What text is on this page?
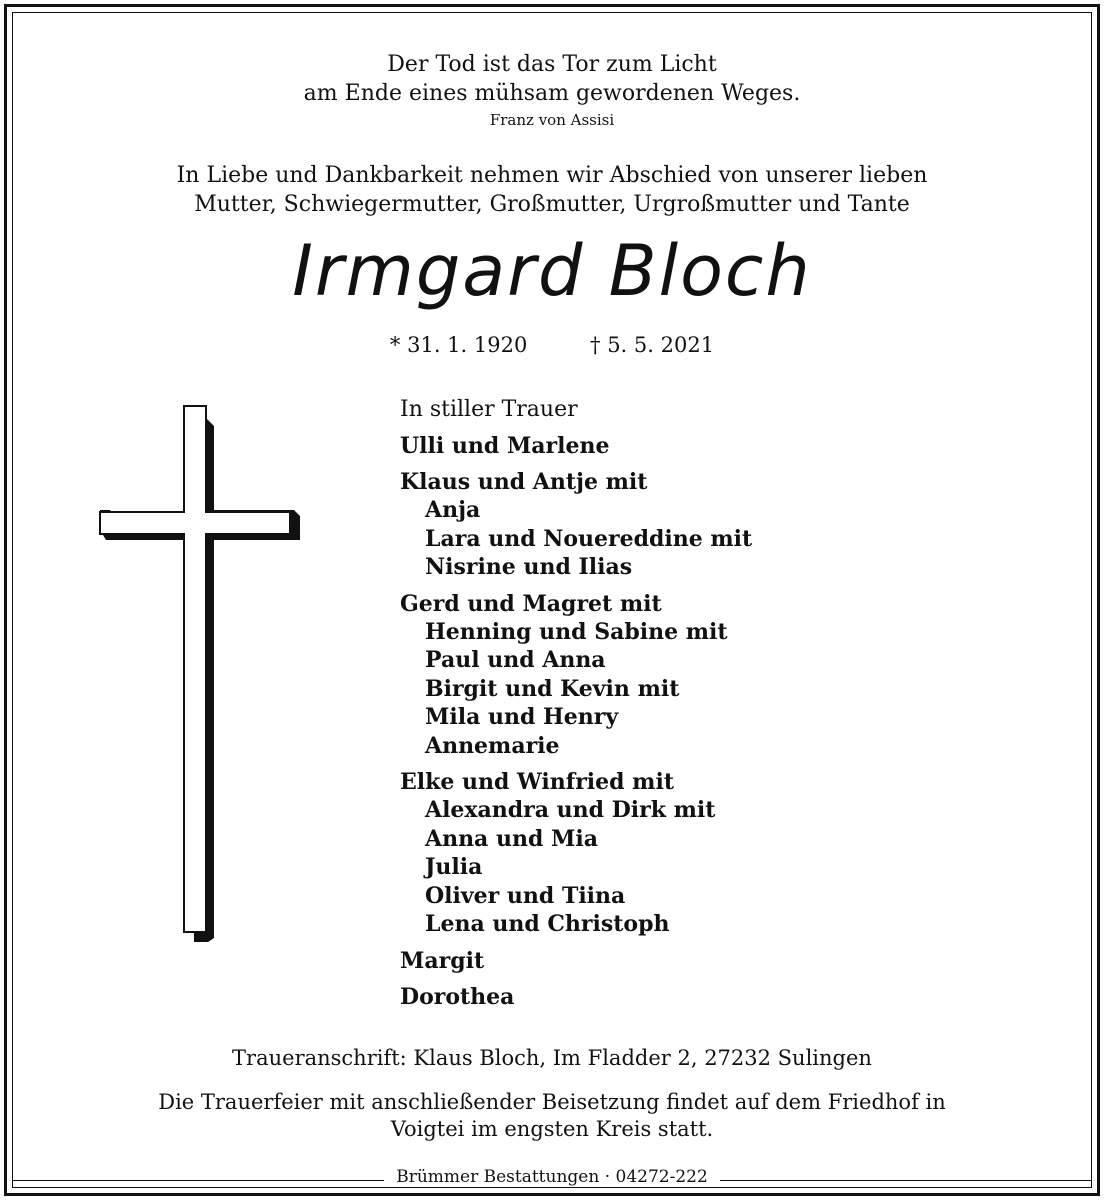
Der Tod ist das Tor zum Licht
am Ende eines mühsam gewordenen Weges.
Franz von Assisi
In Liebe und Dankbarkeit nehmen wir Abschied von unserer lieben
Mutter, Schwiegermutter, Großmutter, Urgroßmutter und Tante
Irmgard Bloch
* 31. 1. 1920	† 5. 5. 2021
In stiller Trauer
Ulli und Marlene
Klaus und Antje mit
Anja
Lara und Nouereddine mit
Nisrine und Ilias
Gerd und Magret mit
Henning und Sabine mit
Paul und Anna
Birgit und Kevin mit
Mila und Henry
Annemarie
Elke und Winfried mit
Alexandra und Dirk mit
Anna und Mia
Julia
Oliver und Tiina
Lena und Christoph
Margit
Dorothea
Traueranschrift: Klaus Bloch, Im Fladder 2, 27232 Sulingen
Die Trauerfeier mit anschließender Beisetzung findet auf dem Friedhof in
Voigtei im engsten Kreis statt.
Brümmer Bestattungen · 04272-222
